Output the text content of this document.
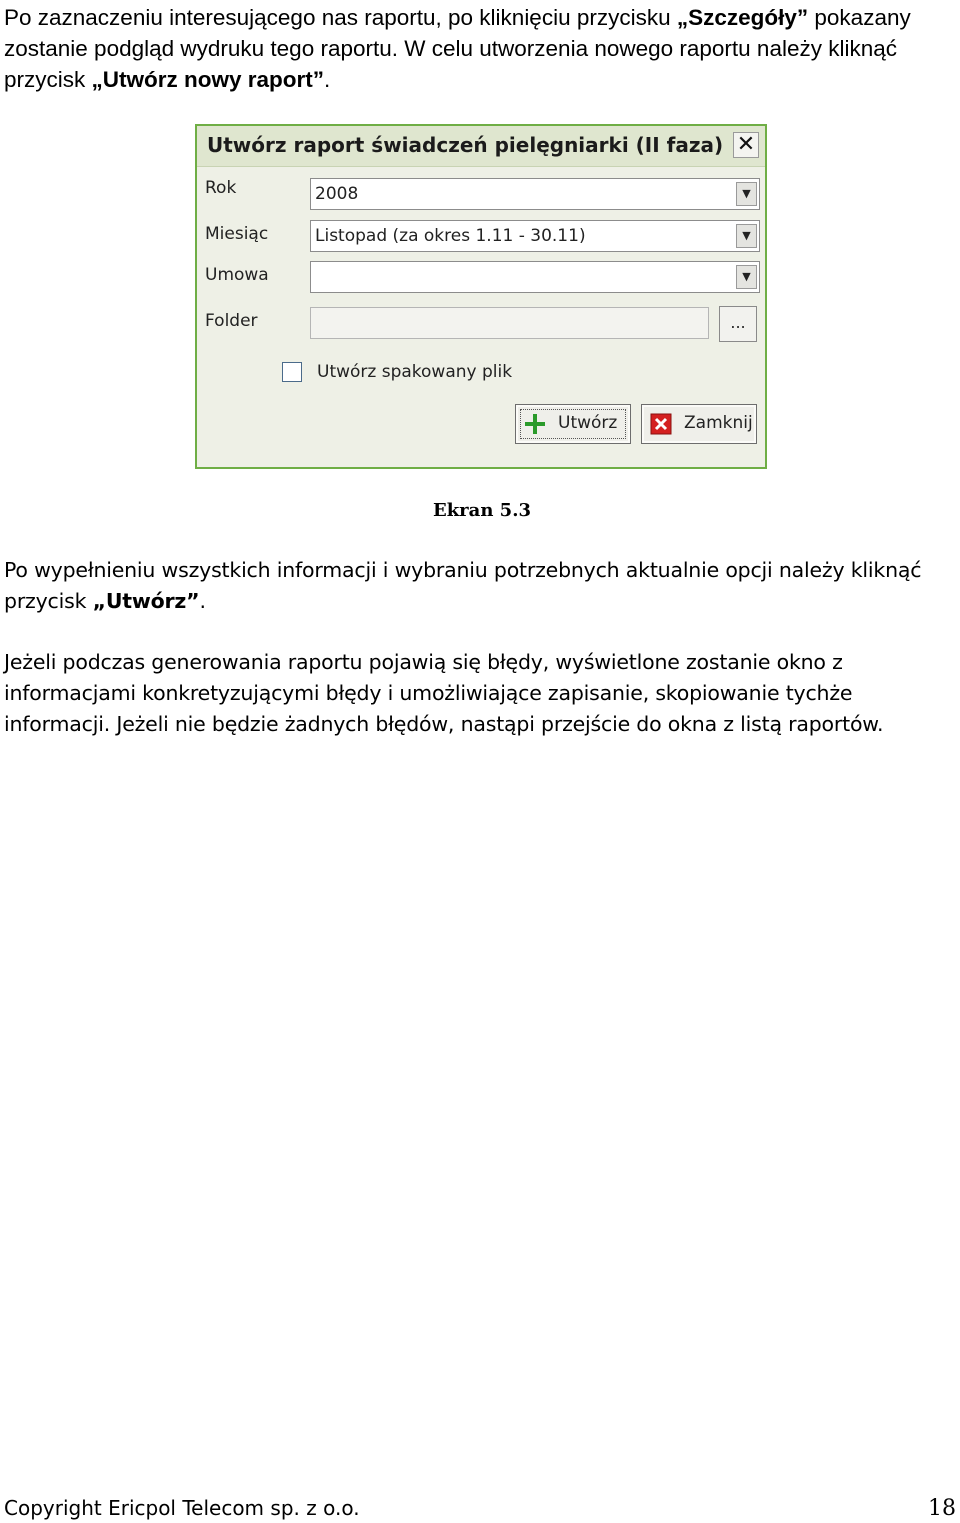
Po zaznaczeniu interesującego nas raportu, po kliknięciu przycisku „Szczegóły” pokazany zostanie podgląd wydruku tego raportu. W celu utworzenia nowego raportu należy kliknąć przycisk „Utwórz nowy raport”.

Utwórz raport świadczeń pielęgniarki (II faza) ✕
Rok	2008	▼
Miesiąc	Listopad (za okres 1.11 - 30.11)	▼
Umowa	▼
Folder	...
Utwórz spakowany plik
Utwórz	Zamknij
Ekran 5.3

Po wypełnieniu wszystkich informacji i wybraniu potrzebnych aktualnie opcji należy kliknąć przycisk „Utwórz”.

Jeżeli podczas generowania raportu pojawią się błędy, wyświetlone zostanie okno z informacjami konkretyzującymi błędy i umożliwiające zapisanie, skopiowanie tychże informacji. Jeżeli nie będzie żadnych błędów, nastąpi przejście do okna z listą raportów.

Copyright Ericpol Telecom sp. z o.o.	18
